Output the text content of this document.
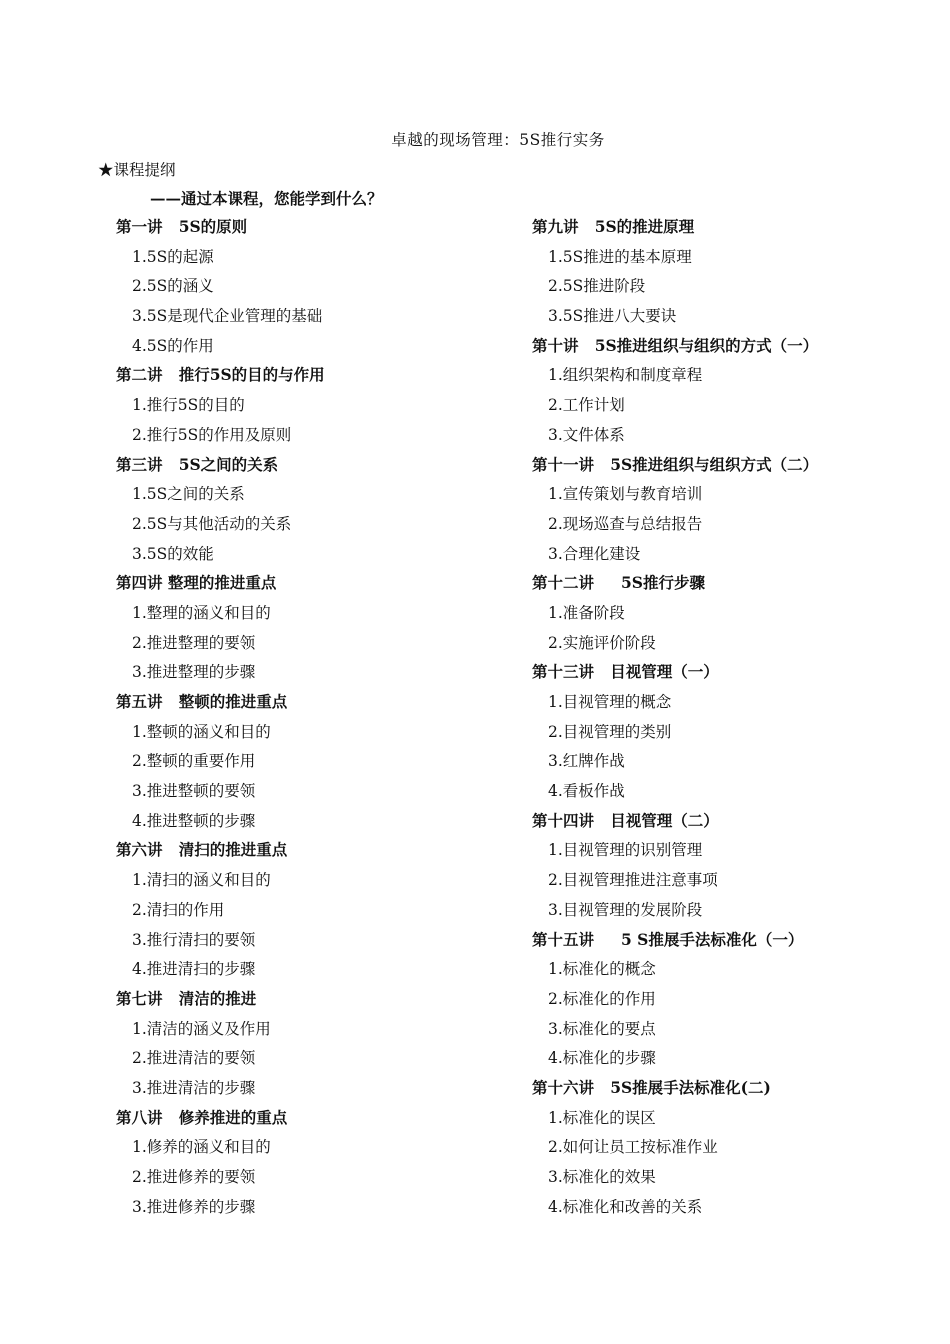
卓越的现场管理：5S推行实务
★课程提纲
——通过本课程，您能学到什么？
第一讲   5S的原则
1.5S的起源
2.5S的涵义
3.5S是现代企业管理的基础
4.5S的作用
第二讲   推行5S的目的与作用
1.推行5S的目的
2.推行5S的作用及原则
第三讲   5S之间的关系
1.5S之间的关系
2.5S与其他活动的关系
3.5S的效能
第四讲 整理的推进重点
1.整理的涵义和目的
2.推进整理的要领
3.推进整理的步骤
第五讲   整顿的推进重点
1.整顿的涵义和目的
2.整顿的重要作用
3.推进整顿的要领
4.推进整顿的步骤
第六讲   清扫的推进重点
1.清扫的涵义和目的
2.清扫的作用
3.推行清扫的要领
4.推进清扫的步骤
第七讲   清洁的推进
1.清洁的涵义及作用
2.推进清洁的要领
3.推进清洁的步骤
第八讲   修养推进的重点
1.修养的涵义和目的
2.推进修养的要领
3.推进修养的步骤
第九讲   5S的推进原理
1.5S推进的基本原理
2.5S推进阶段
3.5S推进八大要诀
第十讲   5S推进组织与组织的方式（一）
1.组织架构和制度章程
2.工作计划
3.文件体系
第十一讲   5S推进组织与组织方式（二）
1.宣传策划与教育培训
2.现场巡查与总结报告
3.合理化建设
第十二讲     5S推行步骤
1.准备阶段
2.实施评价阶段
第十三讲   目视管理（一）
1.目视管理的概念
2.目视管理的类别
3.红牌作战
4.看板作战
第十四讲   目视管理（二）
1.目视管理的识别管理
2.目视管理推进注意事项
3.目视管理的发展阶段
第十五讲     5 S推展手法标准化（一）
1.标准化的概念
2.标准化的作用
3.标准化的要点
4.标准化的步骤
第十六讲   5S推展手法标准化(二)
1.标准化的误区
2.如何让员工按标准作业
3.标准化的效果
4.标准化和改善的关系
